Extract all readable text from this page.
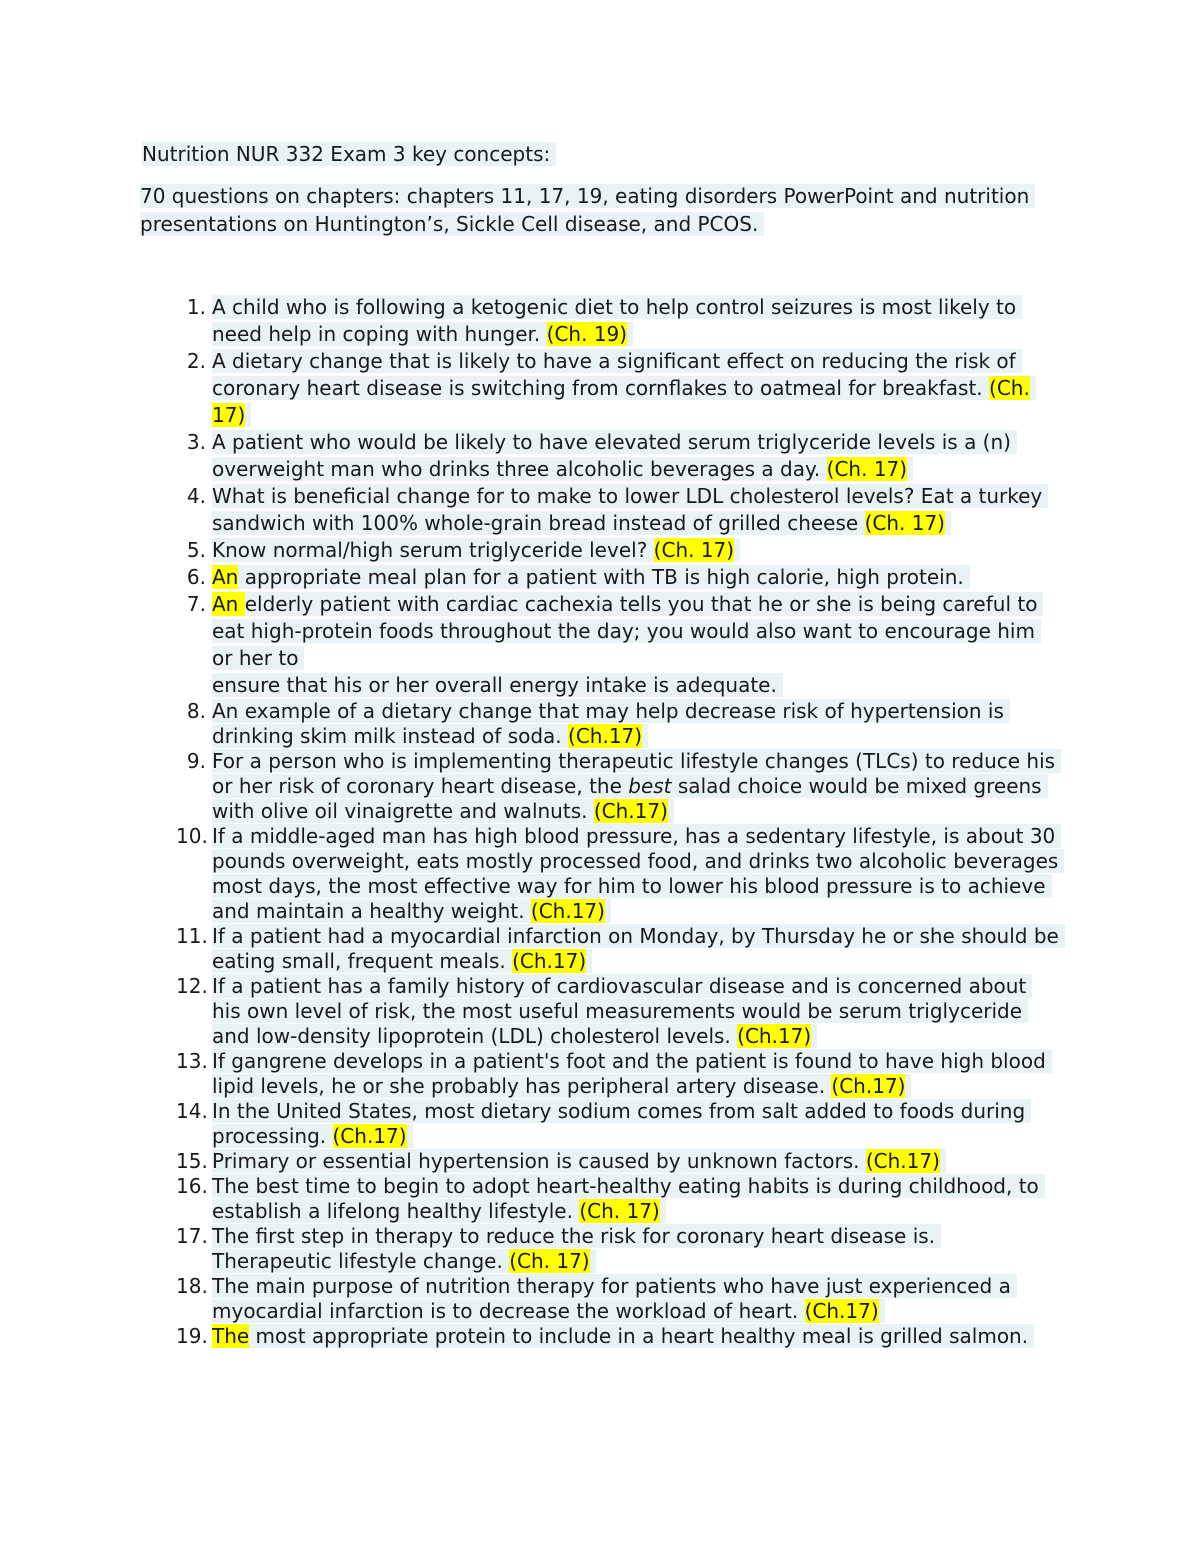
Nutrition NUR 332 Exam 3 key concepts:
70 questions on chapters: chapters 11, 17, 19, eating disorders PowerPoint and nutrition presentations on Huntington’s, Sickle Cell disease, and PCOS.
1. A child who is following a ketogenic diet to help control seizures is most likely to need help in coping with hunger. (Ch. 19)
2. A dietary change that is likely to have a significant effect on reducing the risk of coronary heart disease is switching from cornflakes to oatmeal for breakfast. (Ch. 17)
3. A patient who would be likely to have elevated serum triglyceride levels is a (n) overweight man who drinks three alcoholic beverages a day. (Ch. 17)
4. What is beneficial change for to make to lower LDL cholesterol levels? Eat a turkey sandwich with 100% whole-grain bread instead of grilled cheese (Ch. 17)
5. Know normal/high serum triglyceride level? (Ch. 17)
6. An appropriate meal plan for a patient with TB is high calorie, high protein.
7. An elderly patient with cardiac cachexia tells you that he or she is being careful to eat high-protein foods throughout the day; you would also want to encourage him or her to
ensure that his or her overall energy intake is adequate.
8. An example of a dietary change that may help decrease risk of hypertension is drinking skim milk instead of soda. (Ch.17)
9. For a person who is implementing therapeutic lifestyle changes (TLCs) to reduce his or her risk of coronary heart disease, the best salad choice would be mixed greens with olive oil vinaigrette and walnuts. (Ch.17)
10. If a middle-aged man has high blood pressure, has a sedentary lifestyle, is about 30 pounds overweight, eats mostly processed food, and drinks two alcoholic beverages most days, the most effective way for him to lower his blood pressure is to achieve and maintain a healthy weight. (Ch.17)
11. If a patient had a myocardial infarction on Monday, by Thursday he or she should be eating small, frequent meals. (Ch.17)
12. If a patient has a family history of cardiovascular disease and is concerned about his own level of risk, the most useful measurements would be serum triglyceride and low-density lipoprotein (LDL) cholesterol levels. (Ch.17)
13. If gangrene develops in a patient's foot and the patient is found to have high blood lipid levels, he or she probably has peripheral artery disease. (Ch.17)
14. In the United States, most dietary sodium comes from salt added to foods during processing. (Ch.17)
15. Primary or essential hypertension is caused by unknown factors. (Ch.17)
16. The best time to begin to adopt heart-healthy eating habits is during childhood, to establish a lifelong healthy lifestyle. (Ch. 17)
17. The first step in therapy to reduce the risk for coronary heart disease is. Therapeutic lifestyle change. (Ch. 17)
18. The main purpose of nutrition therapy for patients who have just experienced a myocardial infarction is to decrease the workload of heart. (Ch.17)
19. The most appropriate protein to include in a heart healthy meal is grilled salmon.
